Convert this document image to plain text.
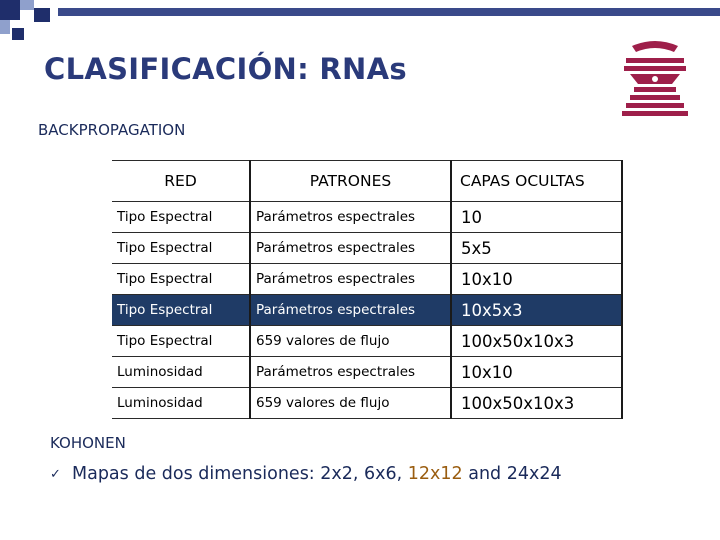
CLASIFICACIÓN: RNAs
BACKPROPAGATION
RED	PATRONES	CAPAS OCULTAS
Tipo Espectral	Parámetros espectrales	10
Tipo Espectral	Parámetros espectrales	5x5
Tipo Espectral	Parámetros espectrales	10x10
Tipo Espectral	Parámetros espectrales	10x5x3
Tipo Espectral	659 valores de flujo	100x50x10x3
Luminosidad	Parámetros espectrales	10x10
Luminosidad	659 valores de flujo	100x50x10x3
KOHONEN
✓ Mapas de dos dimensiones: 2x2, 6x6, 12x12 and 24x24
